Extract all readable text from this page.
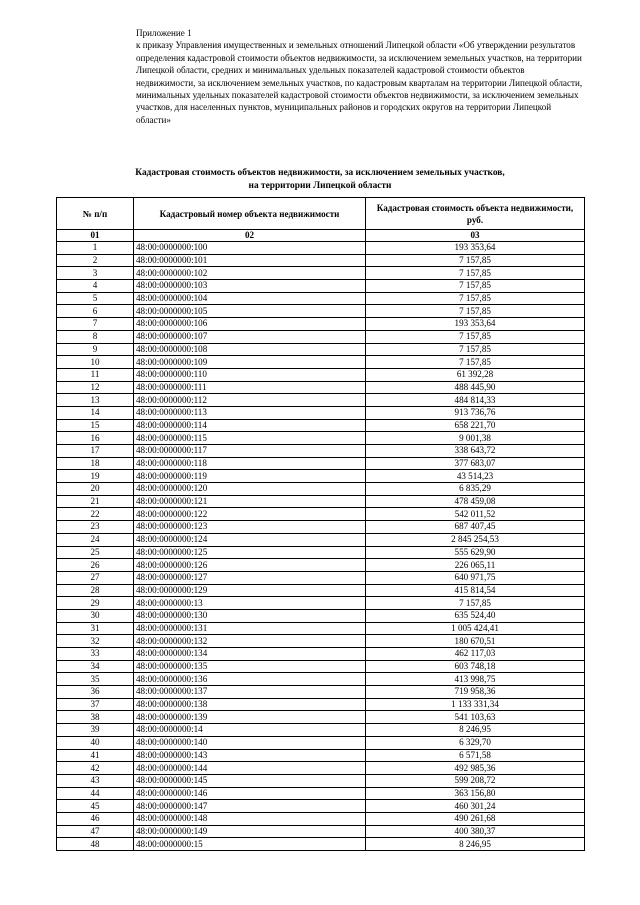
Приложение 1
к приказу Управления имущественных и земельных отношений Липецкой области «Об утверждении результатов определения кадастровой стоимости объектов недвижимости, за исключением земельных участков, на территории Липецкой области, средних и минимальных удельных показателей кадастровой стоимости объектов недвижимости, за исключением земельных участков, по кадастровым кварталам на территории Липецкой области, минимальных удельных показателей кадастровой стоимости объектов недвижимости, за исключением земельных участков, для населенных пунктов, муниципальных районов и городских округов на территории Липецкой области»
Кадастровая стоимость объектов недвижимости, за исключением земельных участков,
на территории Липецкой области
№ п/п	Кадастровый номер объекта недвижимости	Кадастровая стоимость объекта недвижимости, руб.
01	02	03
1	48:00:0000000:100	193 353,64
2	48:00:0000000:101	7 157,85
3	48:00:0000000:102	7 157,85
4	48:00:0000000:103	7 157,85
5	48:00:0000000:104	7 157,85
6	48:00:0000000:105	7 157,85
7	48:00:0000000:106	193 353,64
8	48:00:0000000:107	7 157,85
9	48:00:0000000:108	7 157,85
10	48:00:0000000:109	7 157,85
11	48:00:0000000:110	61 392,28
12	48:00:0000000:111	488 445,90
13	48:00:0000000:112	484 814,33
14	48:00:0000000:113	913 736,76
15	48:00:0000000:114	658 221,70
16	48:00:0000000:115	9 001,38
17	48:00:0000000:117	338 643,72
18	48:00:0000000:118	377 683,07
19	48:00:0000000:119	43 514,23
20	48:00:0000000:120	6 835,29
21	48:00:0000000:121	478 459,08
22	48:00:0000000:122	542 011,52
23	48:00:0000000:123	687 407,45
24	48:00:0000000:124	2 845 254,53
25	48:00:0000000:125	555 629,90
26	48:00:0000000:126	226 065,11
27	48:00:0000000:127	640 971,75
28	48:00:0000000:129	415 814,54
29	48:00:0000000:13	7 157,85
30	48:00:0000000:130	635 524,40
31	48:00:0000000:131	1 005 424,41
32	48:00:0000000:132	180 670,51
33	48:00:0000000:134	462 117,03
34	48:00:0000000:135	603 748,18
35	48:00:0000000:136	413 998,75
36	48:00:0000000:137	719 958,36
37	48:00:0000000:138	1 133 331,34
38	48:00:0000000:139	541 103,63
39	48:00:0000000:14	8 246,95
40	48:00:0000000:140	6 329,70
41	48:00:0000000:143	6 571,58
42	48:00:0000000:144	492 985,36
43	48:00:0000000:145	599 208,72
44	48:00:0000000:146	363 156,80
45	48:00:0000000:147	460 301,24
46	48:00:0000000:148	490 261,68
47	48:00:0000000:149	400 380,37
48	48:00:0000000:15	8 246,95
